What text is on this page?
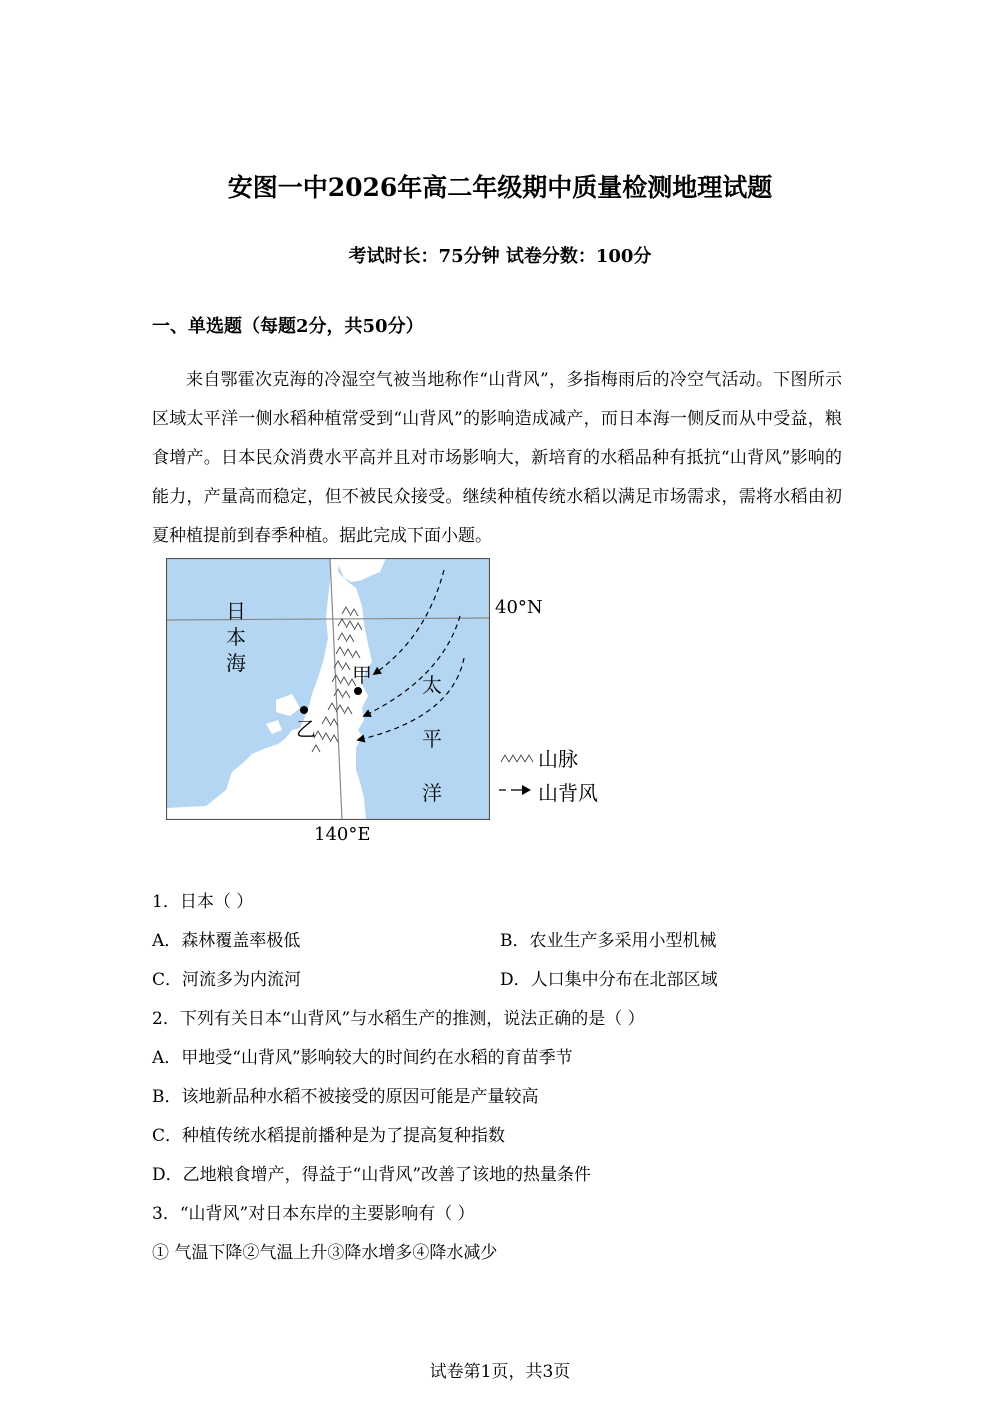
安图一中2026年高二年级期中质量检测地理试题
考试时长：75分钟 试卷分数：100分
一、单选题（每题2分，共50分）

来自鄂霍次克海的冷湿空气被当地称作“山背风”，多指梅雨后的冷空气活动。下图所示区域太平洋一侧水稻种植常受到“山背风”的影响造成减产，而日本海一侧反而从中受益，粮食增产。日本民众消费水平高并且对市场影响大，新培育的水稻品种有抵抗“山背风”影响的能力，产量高而稳定，但不被民众接受。继续种植传统水稻以满足市场需求，需将水稻由初夏种植提前到春季种植。据此完成下面小题。

甲
乙
日
本
海
太
平
洋
40°N
140°E
山脉
山背风
1．日本（ ）
A．森林覆盖率极低	B．农业生产多采用小型机械
C．河流多为内流河	D．人口集中分布在北部区域
2．下列有关日本“山背风”与水稻生产的推测，说法正确的是（ ）
A．甲地受“山背风”影响较大的时间约在水稻的育苗季节
B．该地新品种水稻不被接受的原因可能是产量较高
C．种植传统水稻提前播种是为了提高复种指数
D．乙地粮食增产，得益于“山背风”改善了该地的热量条件
3．“山背风”对日本东岸的主要影响有（ ）
① 气温下降②气温上升③降水增多④降水减少
试卷第1页，共3页
